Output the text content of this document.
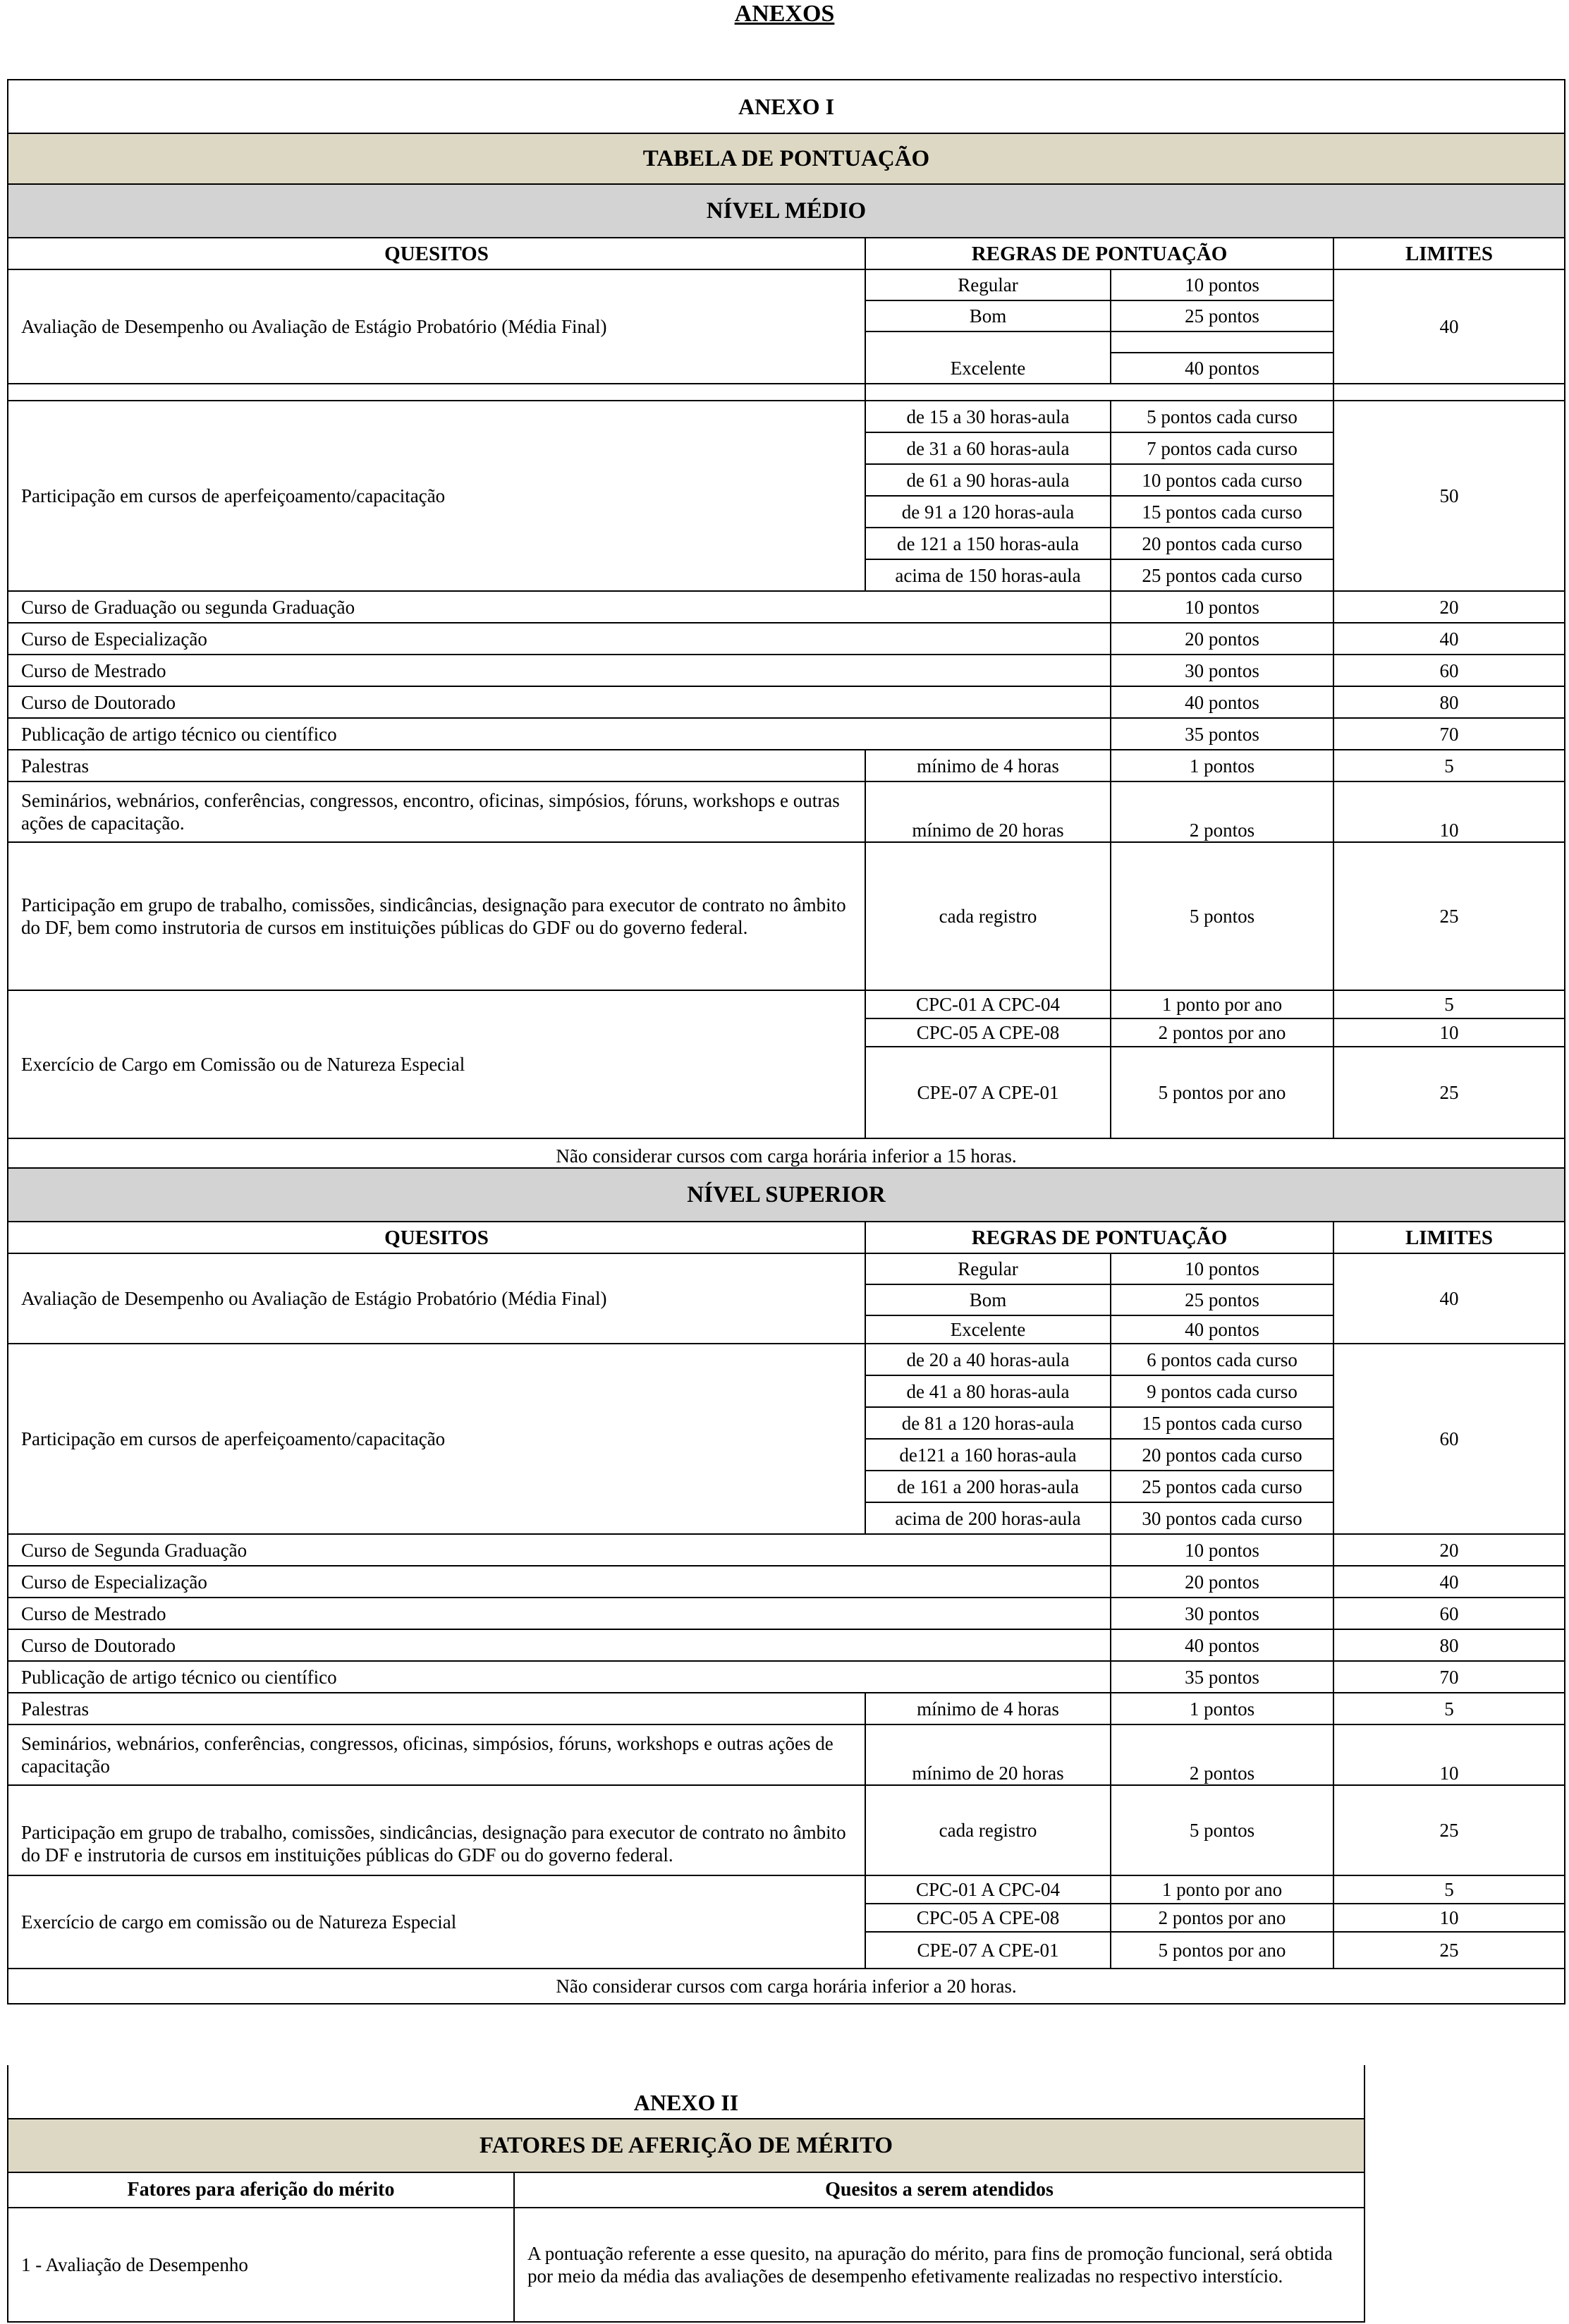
ANEXOS
ANEXO I			
TABELA DE PONTUAÇÃO			
NÍVEL MÉDIO			
QUESITOS	REGRAS DE PONTUAÇÃO		LIMITES
Avaliação de Desempenho ou Avaliação de Estágio Probatório (Média Final)	Regular	10 pontos	40
	Bom	25 pontos	

	Excelente	40 pontos	

Participação em cursos de aperfeiçoamento/capacitação	de 15 a 30 horas-aula	5 pontos cada curso	50
	de 31 a 60 horas-aula	7 pontos cada curso	
	de 61 a 90 horas-aula	10 pontos cada curso	
	de 91 a 120 horas-aula	15 pontos cada curso	
	de 121 a 150 horas-aula	20 pontos cada curso	
	acima de 150 horas-aula	25 pontos cada curso	
Curso de Graduação ou segunda Graduação		10 pontos	20
Curso de Especialização		20 pontos	40
Curso de Mestrado		30 pontos	60
Curso de Doutorado		40 pontos	80
Publicação de artigo técnico ou científico		35 pontos	70
Palestras	mínimo de 4 horas	1 pontos	5
Seminários, webnários, conferências, congressos, encontro, oficinas, simpósios, fóruns, workshops e outras ações de capacitação.	mínimo de 20 horas	2 pontos	10
Participação em grupo de trabalho, comissões, sindicâncias, designação para executor de contrato no âmbito do DF, bem como instrutoria de cursos em instituições públicas do GDF ou do governo federal.	cada registro	5 pontos	25
Exercício de Cargo em Comissão ou de Natureza Especial	CPC-01 A CPC-04	1 ponto por ano	5
	CPC-05 A CPE-08	2 pontos por ano	10
	CPE-07 A CPE-01	5 pontos por ano	25
Não considerar cursos com carga horária inferior a 15 horas.			
NÍVEL SUPERIOR			
QUESITOS	REGRAS DE PONTUAÇÃO		LIMITES
Avaliação de Desempenho ou Avaliação de Estágio Probatório (Média Final)	Regular	10 pontos	40
	Bom	25 pontos	
	Excelente	40 pontos	
Participação em cursos de aperfeiçoamento/capacitação	de 20 a 40 horas-aula	6 pontos cada curso	60
	de 41 a 80 horas-aula	9 pontos cada curso	
	de 81 a 120 horas-aula	15 pontos cada curso	
	de121 a 160 horas-aula	20 pontos cada curso	
	de 161 a 200 horas-aula	25 pontos cada curso	
	acima de 200 horas-aula	30 pontos cada curso	
Curso de Segunda Graduação		10 pontos	20
Curso de Especialização		20 pontos	40
Curso de Mestrado		30 pontos	60
Curso de Doutorado		40 pontos	80
Publicação de artigo técnico ou científico		35 pontos	70
Palestras	mínimo de 4 horas	1 pontos	5
Seminários, webnários, conferências, congressos, oficinas, simpósios, fóruns, workshops e outras ações de capacitação	mínimo de 20 horas	2 pontos	10
Participação em grupo de trabalho, comissões, sindicâncias, designação para executor de contrato no âmbito do DF e instrutoria de cursos em instituições públicas do GDF ou do governo federal.	cada registro	5 pontos	25
Exercício de cargo em comissão ou de Natureza Especial	CPC-01 A CPC-04	1 ponto por ano	5
	CPC-05 A CPE-08	2 pontos por ano	10
	CPE-07 A CPE-01	5 pontos por ano	25
Não considerar cursos com carga horária inferior a 20 horas.			
ANEXO II	
FATORES DE AFERIÇÃO DE MÉRITO	
Fatores para aferição do mérito	Quesitos a serem atendidos
1 - Avaliação de Desempenho	A pontuação referente a esse quesito, na apuração do mérito, para fins de promoção funcional, será obtida por meio da média das avaliações de desempenho efetivamente realizadas no respectivo interstício.
